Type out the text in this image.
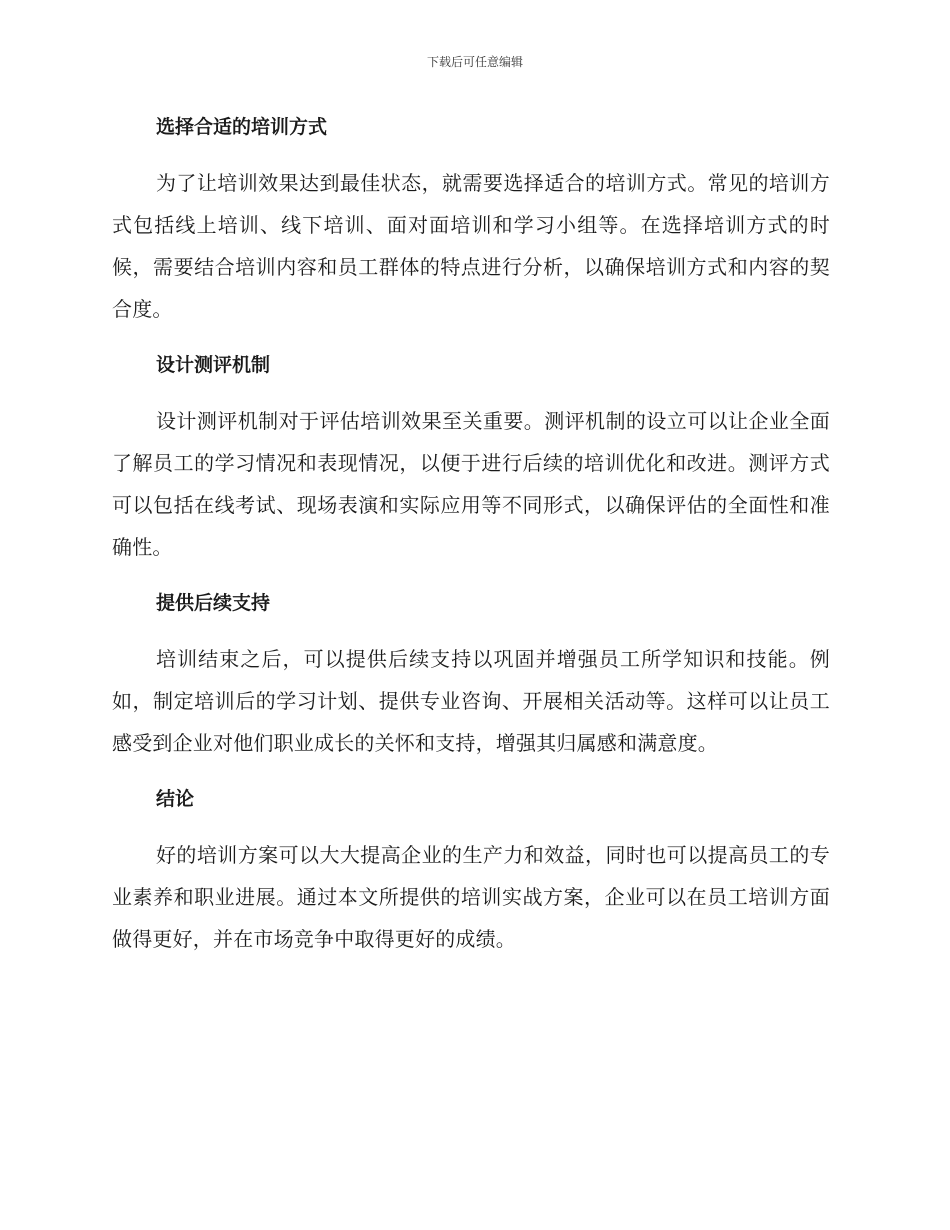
下载后可任意编辑
选择合适的培训方式

为了让培训效果达到最佳状态，就需要选择适合的培训方式。常见的培训方式包括线上培训、线下培训、面对面培训和学习小组等。在选择培训方式的时候，需要结合培训内容和员工群体的特点进行分析，以确保培训方式和内容的契合度。

设计测评机制

设计测评机制对于评估培训效果至关重要。测评机制的设立可以让企业全面了解员工的学习情况和表现情况，以便于进行后续的培训优化和改进。测评方式可以包括在线考试、现场表演和实际应用等不同形式，以确保评估的全面性和准确性。

提供后续支持

培训结束之后，可以提供后续支持以巩固并增强员工所学知识和技能。例如，制定培训后的学习计划、提供专业咨询、开展相关活动等。这样可以让员工感受到企业对他们职业成长的关怀和支持，增强其归属感和满意度。

结论

好的培训方案可以大大提高企业的生产力和效益，同时也可以提高员工的专业素养和职业进展。通过本文所提供的培训实战方案，企业可以在员工培训方面做得更好，并在市场竞争中取得更好的成绩。
